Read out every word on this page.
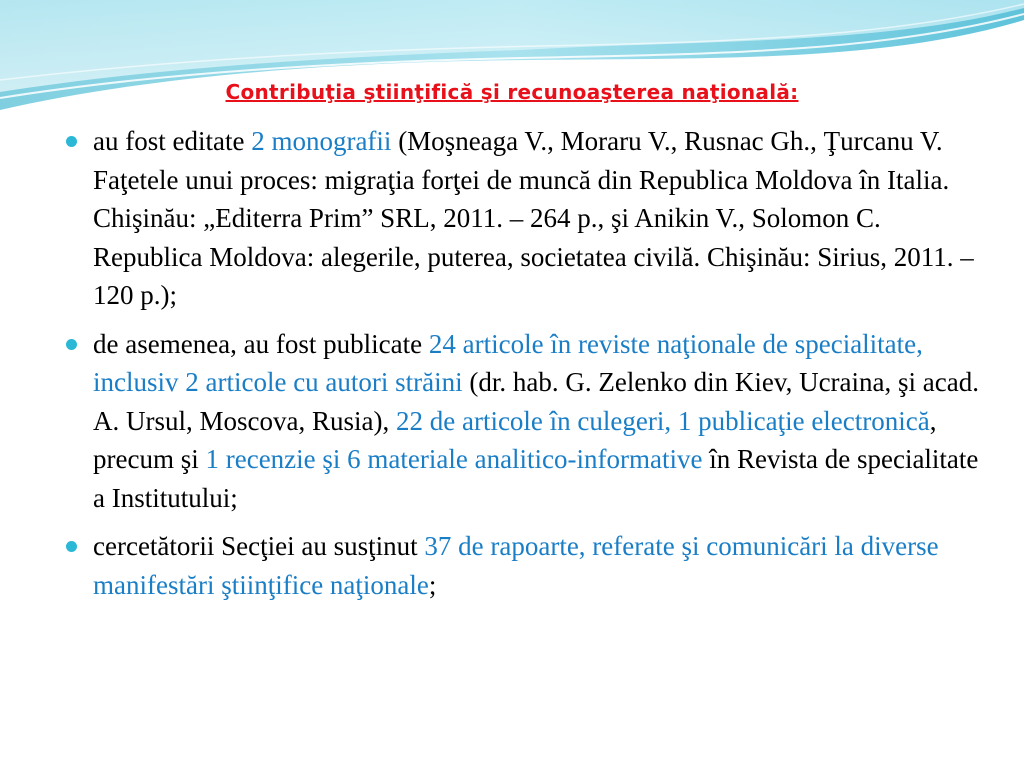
Contribuţia ştiinţifică şi recunoaşterea naţională:
au fost editate 2 monografii (Moşneaga V., Moraru V., Rusnac Gh., Ţurcanu V. Faţetele unui proces: migraţia forţei de muncă din Republica Moldova în Italia. Chişinău: „Editerra Prim” SRL, 2011. – 264 p., şi Anikin V., Solomon C. Republica Moldova: alegerile, puterea, societatea civilă. Chişinău: Sirius, 2011. – 120 p.);
de asemenea, au fost publicate 24 articole în reviste naţionale de specialitate, inclusiv 2 articole cu autori străini (dr. hab. G. Zelenko din Kiev, Ucraina, şi acad. A. Ursul, Moscova, Rusia), 22 de articole în culegeri, 1 publicaţie electronică, precum şi 1 recenzie şi 6 materiale analitico-informative în Revista de specialitate a Institutului;
cercetătorii Secţiei au susţinut 37 de rapoarte, referate şi comunicări la diverse manifestări ştiinţifice naţionale;
